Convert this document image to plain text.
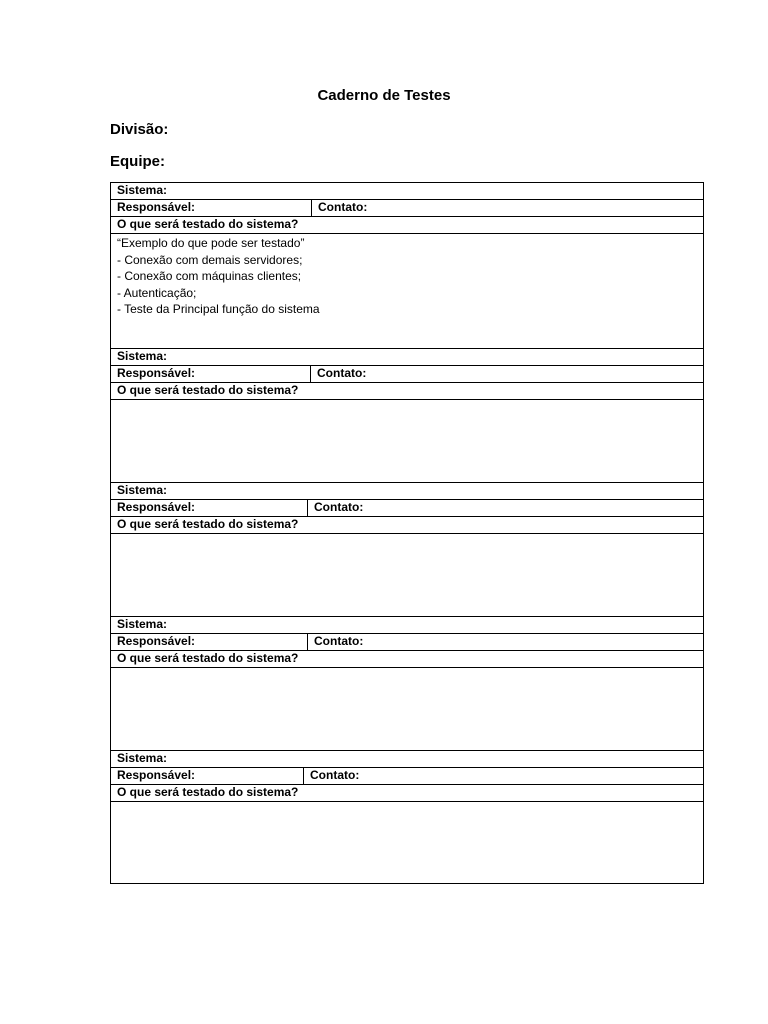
Caderno de Testes
Divisão:
Equipe:
Sistema:
Responsável:	Contato:
O que será testado do sistema?
“Exemplo do que pode ser testado”
- Conexão com demais servidores;
- Conexão com máquinas clientes;
- Autenticação;
- Teste da Principal função do sistema
Sistema:
Responsável:	Contato:
O que será testado do sistema?
Sistema:
Responsável:	Contato:
O que será testado do sistema?
Sistema:
Responsável:	Contato:
O que será testado do sistema?
Sistema:
Responsável:	Contato:
O que será testado do sistema?
